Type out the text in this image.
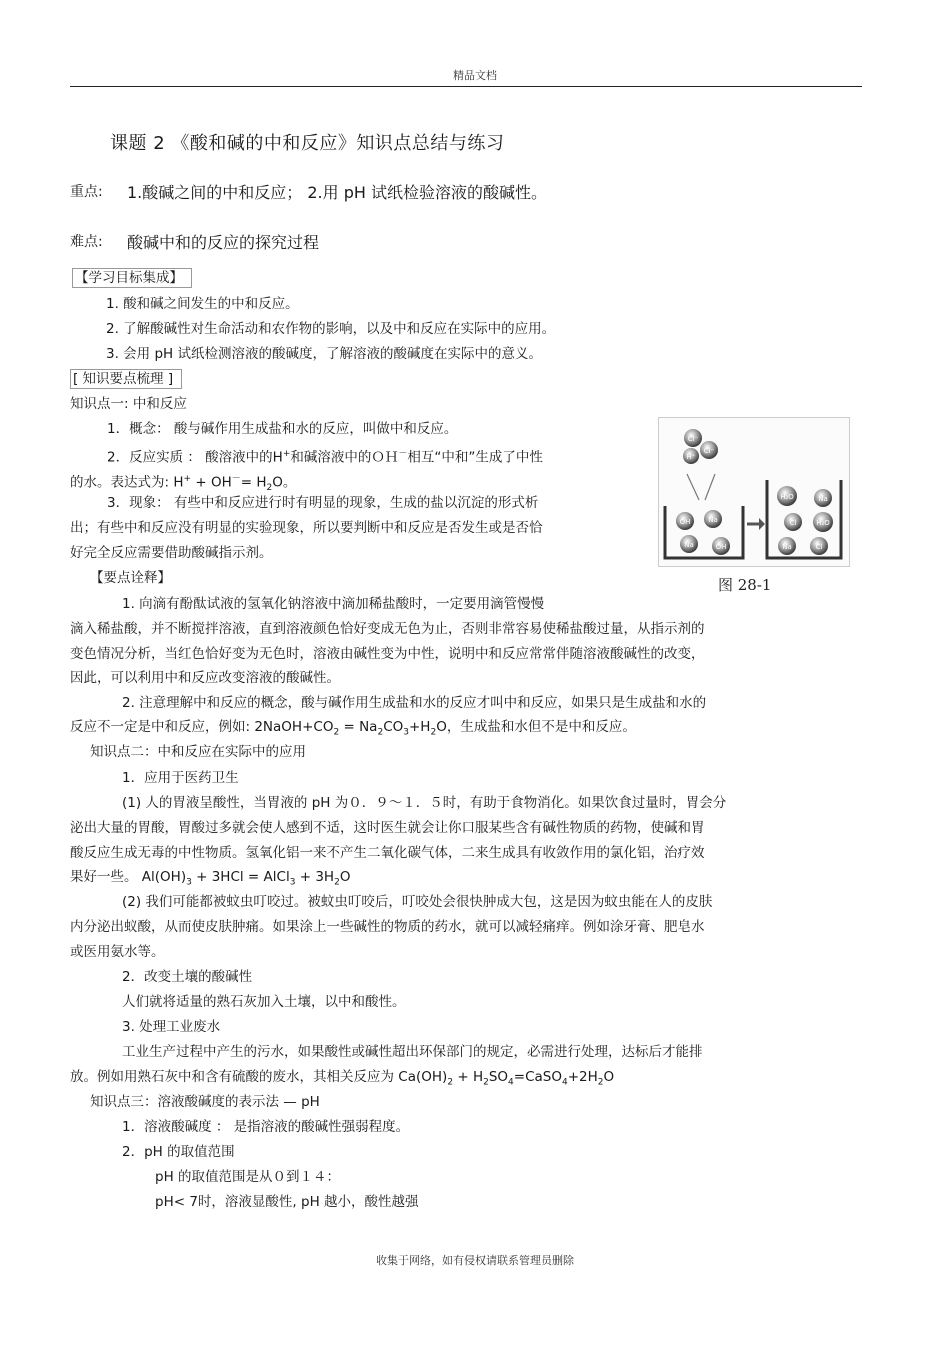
精品文档
课题 2 《酸和碱的中和反应》知识点总结与练习
重点: 1.酸碱之间的中和反应； 2.用 pH 试纸检验溶液的酸碱性。
难点: 酸碱中和的反应的探究过程
【学习目标集成】
1. 酸和碱之间发生的中和反应。
2. 了解酸碱性对生命活动和农作物的影响，以及中和反应在实际中的应用。
3. 会用 pH 试纸检测溶液的酸碱度，了解溶液的酸碱度在实际中的意义。
[ 知识要点梳理 ]
知识点一: 中和反应
1．概念： 酸与碱作用生成盐和水的反应，叫做中和反应。
2．反应实质 ： 酸溶液中的H+和碱溶液中的ＯＨ－相互“中和”生成了中性
的水。表达式为: $H^+ + OH^-= H_2O$。
3．现象： 有些中和反应进行时有明显的现象，生成的盐以沉淀的形式析
出；有些中和反应没有明显的实验现象，所以要判断中和反应是否发生或是否恰
好完全反应需要借助酸碱指示剂。
Cl⁻
H⁺
Cl⁻
OH	Na
Na	OH
H₂O	Na
Cl	H₂O
Na	Cl
图 28-1
【要点诠释】
1. 向滴有酚酞试液的氢氧化钠溶液中滴加稀盐酸时，一定要用滴管慢慢
滴入稀盐酸，并不断搅拌溶液，直到溶液颜色恰好变成无色为止，否则非常容易使稀盐酸过量，从指示剂的
变色情况分析，当红色恰好变为无色时，溶液由碱性变为中性，说明中和反应常常伴随溶液酸碱性的改变，
因此，可以利用中和反应改变溶液的酸碱性。
2. 注意理解中和反应的概念，酸与碱作用生成盐和水的反应才叫中和反应，如果只是生成盐和水的
反应不一定是中和反应，例如: $2NaOH+CO_2 = Na_2CO_3+H_2O$，生成盐和水但不是中和反应。
知识点二：中和反应在实际中的应用
1．应用于医药卫生
(1) 人的胃液呈酸性，当胃液的 pH 为０．９～１．５时，有助于食物消化。如果饮食过量时，胃会分
泌出大量的胃酸，胃酸过多就会使人感到不适，这时医生就会让你口服某些含有碱性物质的药物，使碱和胃
酸反应生成无毒的中性物质。氢氧化铝一来不产生二氧化碳气体，二来生成具有收敛作用的氯化铝，治疗效
果好一些。 $Al(OH)_3 + 3HCl$ = AlCl$_3$ + $3H_2O$
(2) 我们可能都被蚊虫叮咬过。被蚊虫叮咬后，叮咬处会很快肿成大包，这是因为蚊虫能在人的皮肤
内分泌出蚁酸，从而使皮肤肿痛。如果涂上一些碱性的物质的药水，就可以减轻痛痒。例如涂牙膏、肥皂水
或医用氨水等。
2．改变土壤的酸碱性
人们就将适量的熟石灰加入土壤，以中和酸性。
3. 处理工业废水
工业生产过程中产生的污水，如果酸性或碱性超出环保部门的规定，必需进行处理，达标后才能排
放。例如用熟石灰中和含有硫酸的废水，其相关反应为 $Ca(OH)_2$ + $H_2SO_4=CaSO_4+2H_2O$
知识点三：溶液酸碱度的表示法 — pH
1．溶液酸碱度 ： 是指溶液的酸碱性强弱程度。
2．pH 的取值范围
pH 的取值范围是从０到１４：
pH< 7时，溶液显酸性, pH 越小，酸性越强
收集于网络，如有侵权请联系管理员删除
